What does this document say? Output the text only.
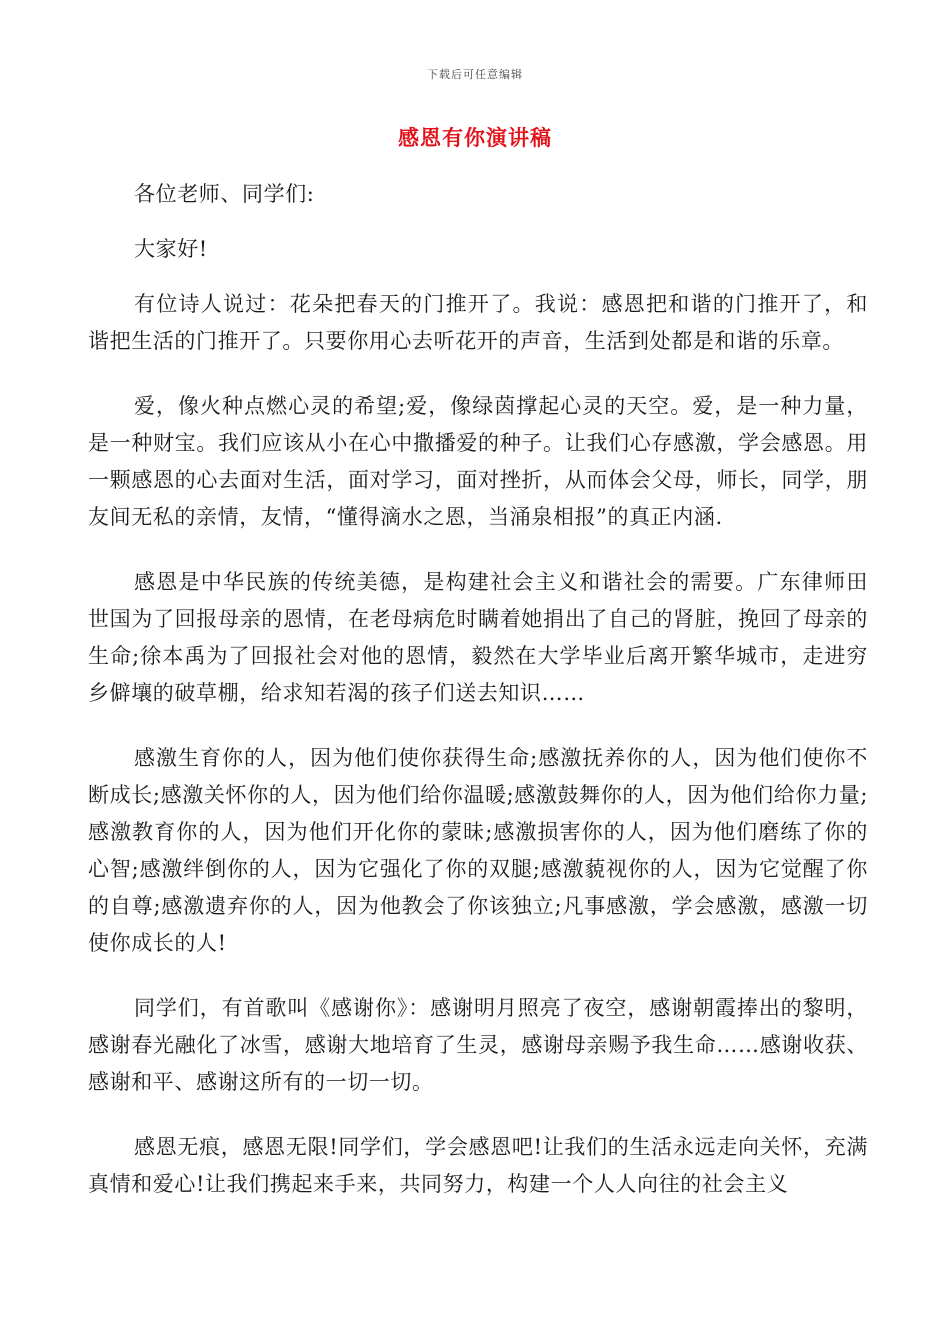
下载后可任意编辑
感恩有你演讲稿

各位老师、同学们:

大家好!

有位诗人说过：花朵把春天的门推开了。我说：感恩把和谐的门推开了，和谐把生活的门推开了。只要你用心去听花开的声音，生活到处都是和谐的乐章。

爱，像火种点燃心灵的希望;爱，像绿茵撑起心灵的天空。爱，是一种力量，是一种财宝。我们应该从小在心中撒播爱的种子。让我们心存感激，学会感恩。用一颗感恩的心去面对生活，面对学习，面对挫折，从而体会父母，师长，同学，朋友间无私的亲情，友情，“懂得滴水之恩，当涌泉相报”的真正内涵.

感恩是中华民族的传统美德，是构建社会主义和谐社会的需要。广东律师田世国为了回报母亲的恩情，在老母病危时瞒着她捐出了自己的肾脏，挽回了母亲的生命;徐本禹为了回报社会对他的恩情，毅然在大学毕业后离开繁华城市，走进穷乡僻壤的破草棚，给求知若渴的孩子们送去知识……

感激生育你的人，因为他们使你获得生命;感激抚养你的人，因为他们使你不断成长;感激关怀你的人，因为他们给你温暖;感激鼓舞你的人，因为他们给你力量;感激教育你的人，因为他们开化你的蒙昧;感激损害你的人，因为他们磨练了你的心智;感激绊倒你的人，因为它强化了你的双腿;感激藐视你的人，因为它觉醒了你的自尊;感激遗弃你的人，因为他教会了你该独立;凡事感激，学会感激，感激一切使你成长的人!

同学们，有首歌叫《感谢你》：感谢明月照亮了夜空，感谢朝霞捧出的黎明，感谢春光融化了冰雪，感谢大地培育了生灵，感谢母亲赐予我生命……感谢收获、感谢和平、感谢这所有的一切一切。

感恩无痕，感恩无限!同学们，学会感恩吧!让我们的生活永远走向关怀，充满真情和爱心!让我们携起来手来，共同努力，构建一个人人向往的社会主义
